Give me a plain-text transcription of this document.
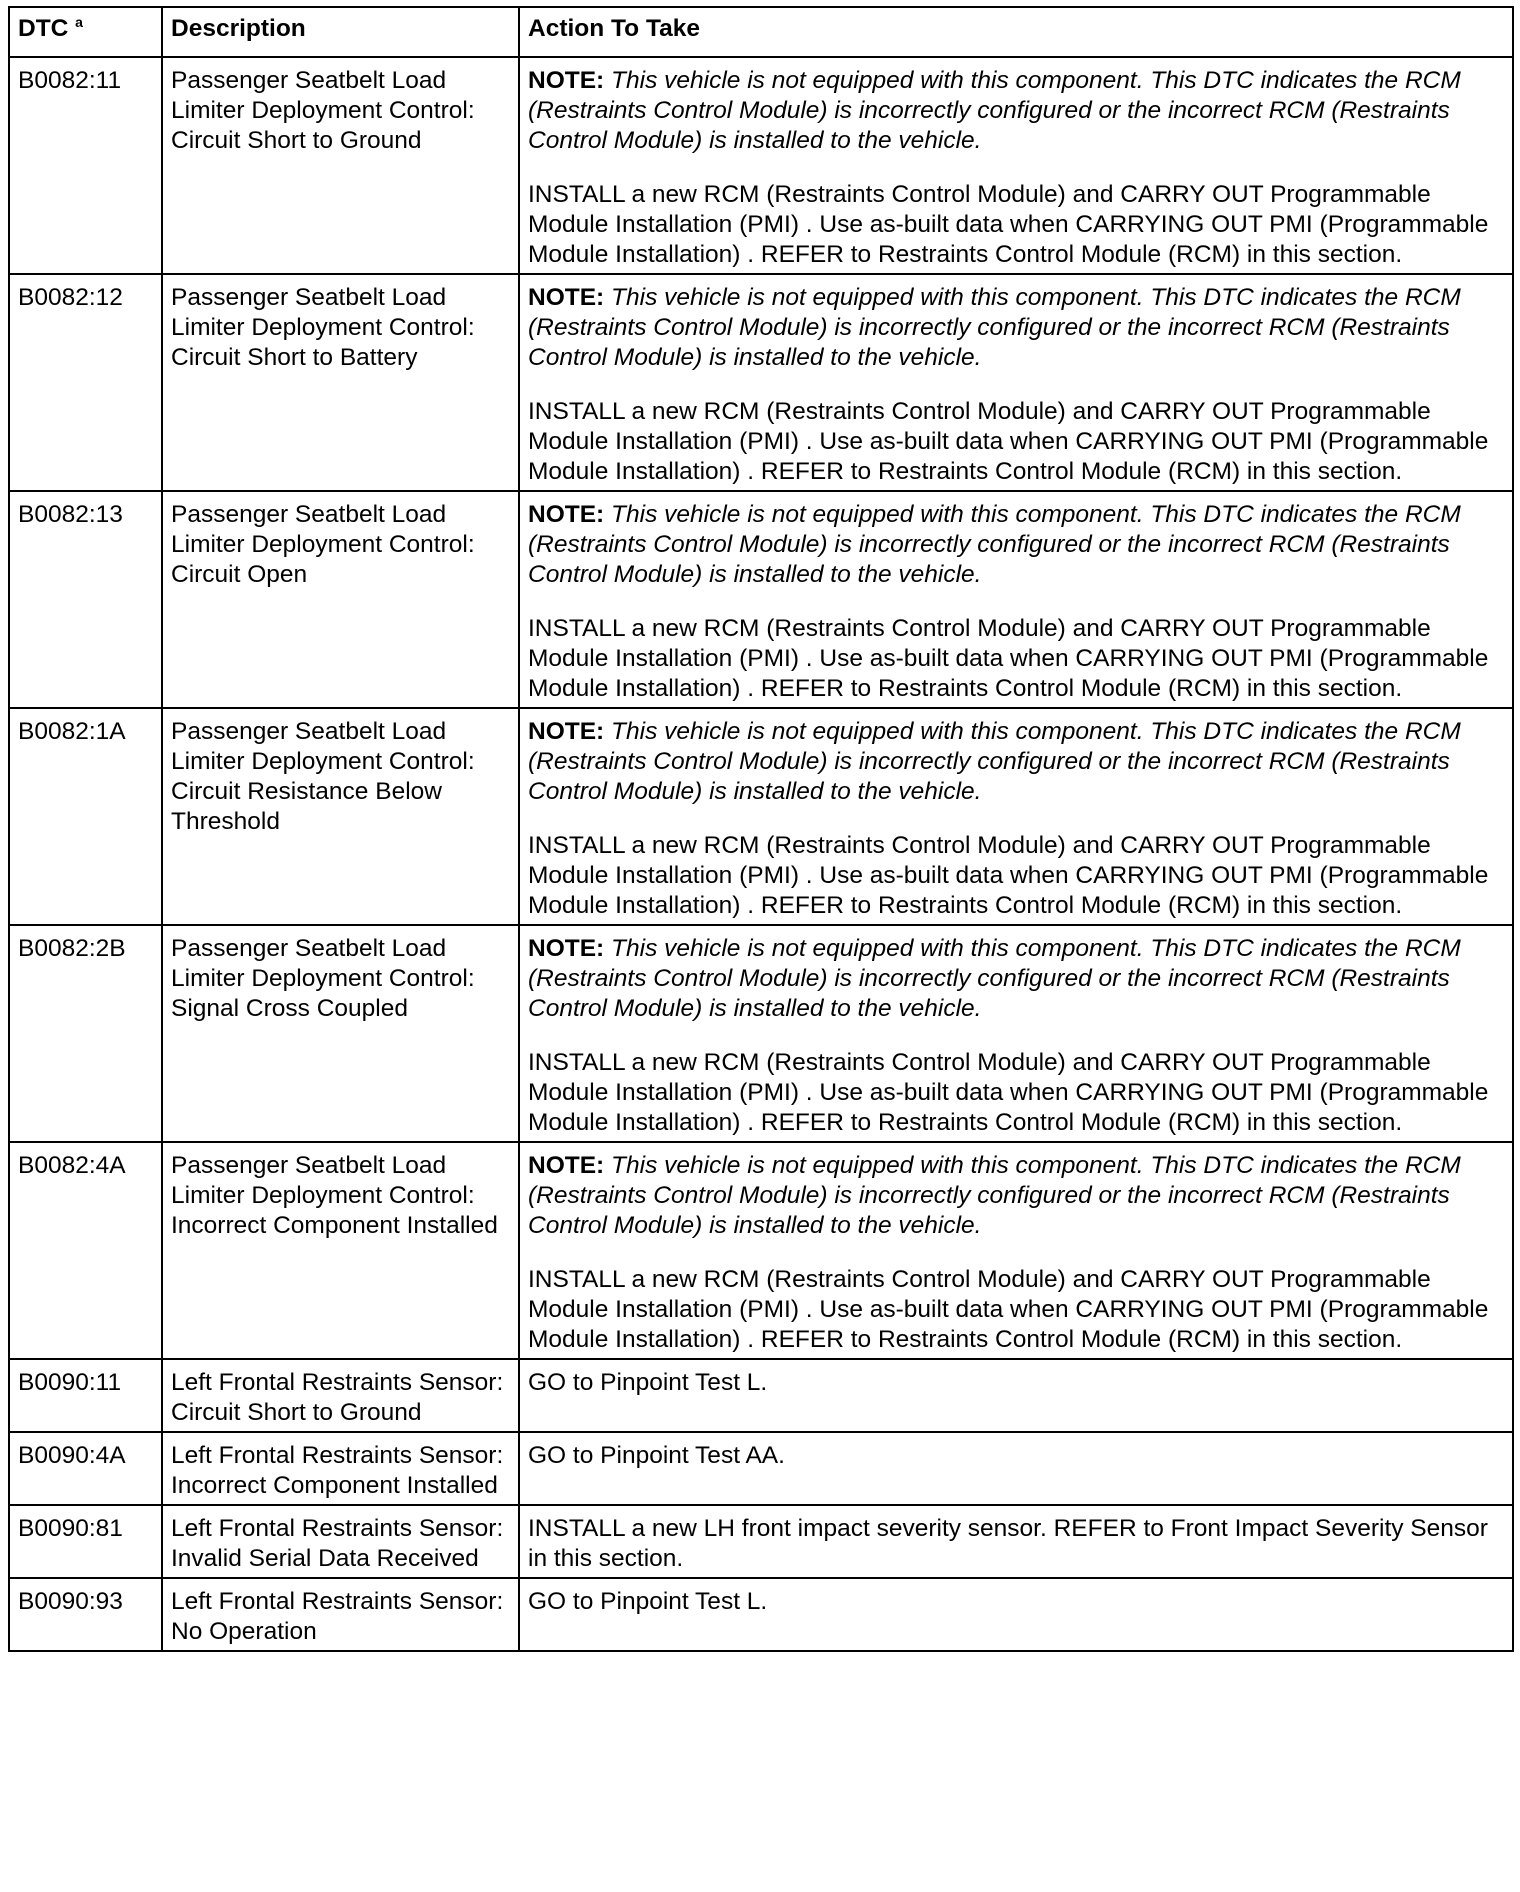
DTC $^a$	Description	Action To Take
B0082:11	Passenger Seatbelt Load Limiter Deployment Control: Circuit Short to Ground	NOTE: This vehicle is not equipped with this component. This DTC indicates the RCM (Restraints Control Module) is incorrectly configured or the incorrect RCM (Restraints Control Module) is installed to the vehicle.

INSTALL a new RCM (Restraints Control Module) and CARRY OUT Programmable Module Installation (PMI) . Use as-built data when CARRYING OUT PMI (Programmable Module Installation) . REFER to Restraints Control Module (RCM) in this section.

B0082:12	Passenger Seatbelt Load Limiter Deployment Control: Circuit Short to Battery	NOTE: This vehicle is not equipped with this component. This DTC indicates the RCM (Restraints Control Module) is incorrectly configured or the incorrect RCM (Restraints Control Module) is installed to the vehicle.

INSTALL a new RCM (Restraints Control Module) and CARRY OUT Programmable Module Installation (PMI) . Use as-built data when CARRYING OUT PMI (Programmable Module Installation) . REFER to Restraints Control Module (RCM) in this section.

B0082:13	Passenger Seatbelt Load Limiter Deployment Control: Circuit Open	NOTE: This vehicle is not equipped with this component. This DTC indicates the RCM (Restraints Control Module) is incorrectly configured or the incorrect RCM (Restraints Control Module) is installed to the vehicle.

INSTALL a new RCM (Restraints Control Module) and CARRY OUT Programmable Module Installation (PMI) . Use as-built data when CARRYING OUT PMI (Programmable Module Installation) . REFER to Restraints Control Module (RCM) in this section.

B0082:1A	Passenger Seatbelt Load Limiter Deployment Control: Circuit Resistance Below Threshold	NOTE: This vehicle is not equipped with this component. This DTC indicates the RCM (Restraints Control Module) is incorrectly configured or the incorrect RCM (Restraints Control Module) is installed to the vehicle.

INSTALL a new RCM (Restraints Control Module) and CARRY OUT Programmable Module Installation (PMI) . Use as-built data when CARRYING OUT PMI (Programmable Module Installation) . REFER to Restraints Control Module (RCM) in this section.

B0082:2B	Passenger Seatbelt Load Limiter Deployment Control: Signal Cross Coupled	NOTE: This vehicle is not equipped with this component. This DTC indicates the RCM (Restraints Control Module) is incorrectly configured or the incorrect RCM (Restraints Control Module) is installed to the vehicle.

INSTALL a new RCM (Restraints Control Module) and CARRY OUT Programmable Module Installation (PMI) . Use as-built data when CARRYING OUT PMI (Programmable Module Installation) . REFER to Restraints Control Module (RCM) in this section.

B0082:4A	Passenger Seatbelt Load Limiter Deployment Control: Incorrect Component Installed	NOTE: This vehicle is not equipped with this component. This DTC indicates the RCM (Restraints Control Module) is incorrectly configured or the incorrect RCM (Restraints Control Module) is installed to the vehicle.

INSTALL a new RCM (Restraints Control Module) and CARRY OUT Programmable Module Installation (PMI) . Use as-built data when CARRYING OUT PMI (Programmable Module Installation) . REFER to Restraints Control Module (RCM) in this section.

B0090:11	Left Frontal Restraints Sensor: Circuit Short to Ground	GO to Pinpoint Test L.

B0090:4A	Left Frontal Restraints Sensor: Incorrect Component Installed	GO to Pinpoint Test AA.

B0090:81	Left Frontal Restraints Sensor: Invalid Serial Data Received	INSTALL a new LH front impact severity sensor. REFER to Front Impact Severity Sensor in this section.

B0090:93	Left Frontal Restraints Sensor: No Operation	GO to Pinpoint Test L.
